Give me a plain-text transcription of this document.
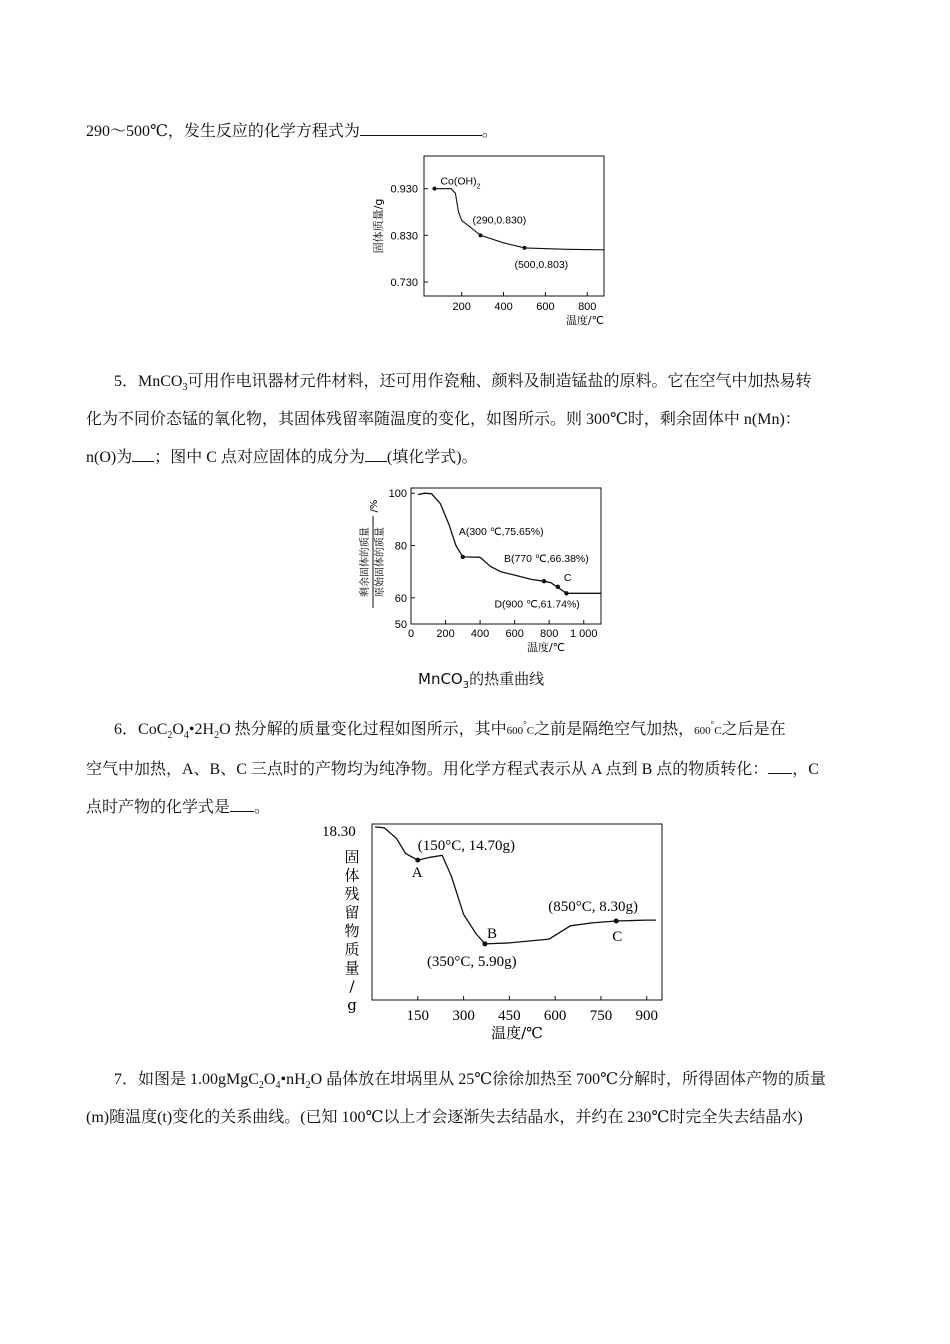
290～500℃，发生反应的化学方程式为	。
200 400 600 800
0.930
0.830
0.730
固体质量/g
温度/℃
$Co(OH)_2$
(290,0.830)
(500,0.803)
5．MnCO$_3$可用作电讯器材元件材料，还可用作瓷釉、颜料及制造锰盐的原料。它在空气中加热易转
化为不同价态锰的氧化物，其固体残留率随温度的变化，如图所示。则 300℃时，剩余固体中 n(Mn)：
n(O)为 ；图中 C 点对应固体的成分为 (填化学式)。
0 200 400 600 800 1 000
100
80
60
50
剩余固体的质量 原始固体的质量
/%
温度/℃
A(300 ℃,75.65%)
B(770 ℃,66.38%)
C
D(900 ℃,61.74%)
MnCO$_3$的热重曲线
6．$CoC_2O_4•2H_2O$ 热分解的质量变化过程如图所示，其中600°C之前是隔绝空气加热，600°C之后是在
空气中加热，A、B、C 三点时的产物均为纯净物。用化学方程式表示从 A 点到 B 点的物质转化： ，C
点时产物的化学式是 。
150 300 450 600 750 900
18.30
固
体
残
留
物
质
量
/
g
温度/℃
(150°C, 14.70g)
A
(350°C, 5.90g)
B
(850°C, 8.30g)
C
7．如图是 $1.00gMgC_2O_4•nH_2O$ 晶体放在坩埚里从 25℃徐徐加热至 700℃分解时，所得固体产物的质量
(m)随温度(t)变化的关系曲线。(已知 100℃以上才会逐渐失去结晶水，并约在 230℃时完全失去结晶水)
